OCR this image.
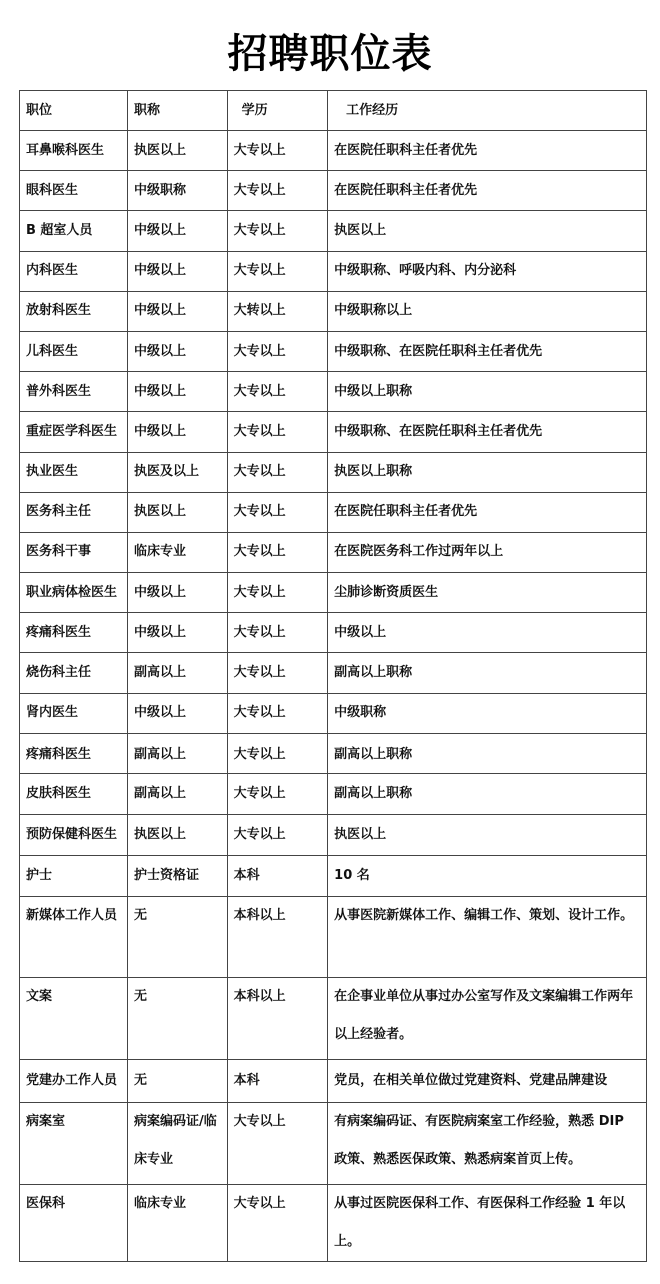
招聘职位表
职位	职称	学历	工作经历
耳鼻喉科医生	执医以上	大专以上	在医院任职科主任者优先
眼科医生	中级职称	大专以上	在医院任职科主任者优先
B 超室人员	中级以上	大专以上	执医以上
内科医生	中级以上	大专以上	中级职称、呼吸内科、内分泌科
放射科医生	中级以上	大转以上	中级职称以上
儿科医生	中级以上	大专以上	中级职称、在医院任职科主任者优先
普外科医生	中级以上	大专以上	中级以上职称
重症医学科医生	中级以上	大专以上	中级职称、在医院任职科主任者优先
执业医生	执医及以上	大专以上	执医以上职称
医务科主任	执医以上	大专以上	在医院任职科主任者优先
医务科干事	临床专业	大专以上	在医院医务科工作过两年以上
职业病体检医生	中级以上	大专以上	尘肺诊断资质医生
疼痛科医生	中级以上	大专以上	中级以上
烧伤科主任	副高以上	大专以上	副高以上职称
肾内医生	中级以上	大专以上	中级职称
疼痛科医生	副高以上	大专以上	副高以上职称
皮肤科医生	副高以上	大专以上	副高以上职称
预防保健科医生	执医以上	大专以上	执医以上
护士	护士资格证	本科	10 名
新媒体工作人员	无	本科以上	从事医院新媒体工作、编辑工作、策划、设计工作。
文案	无	本科以上	在企事业单位从事过办公室写作及文案编辑工作两年以上经验者。
党建办工作人员	无	本科	党员，在相关单位做过党建资料、党建品牌建设
病案室	病案编码证/临床专业	大专以上	有病案编码证、有医院病案室工作经验，熟悉 DIP 政策、熟悉医保政策、熟悉病案首页上传。
医保科	临床专业	大专以上	从事过医院医保科工作、有医保科工作经验 1 年以上。
